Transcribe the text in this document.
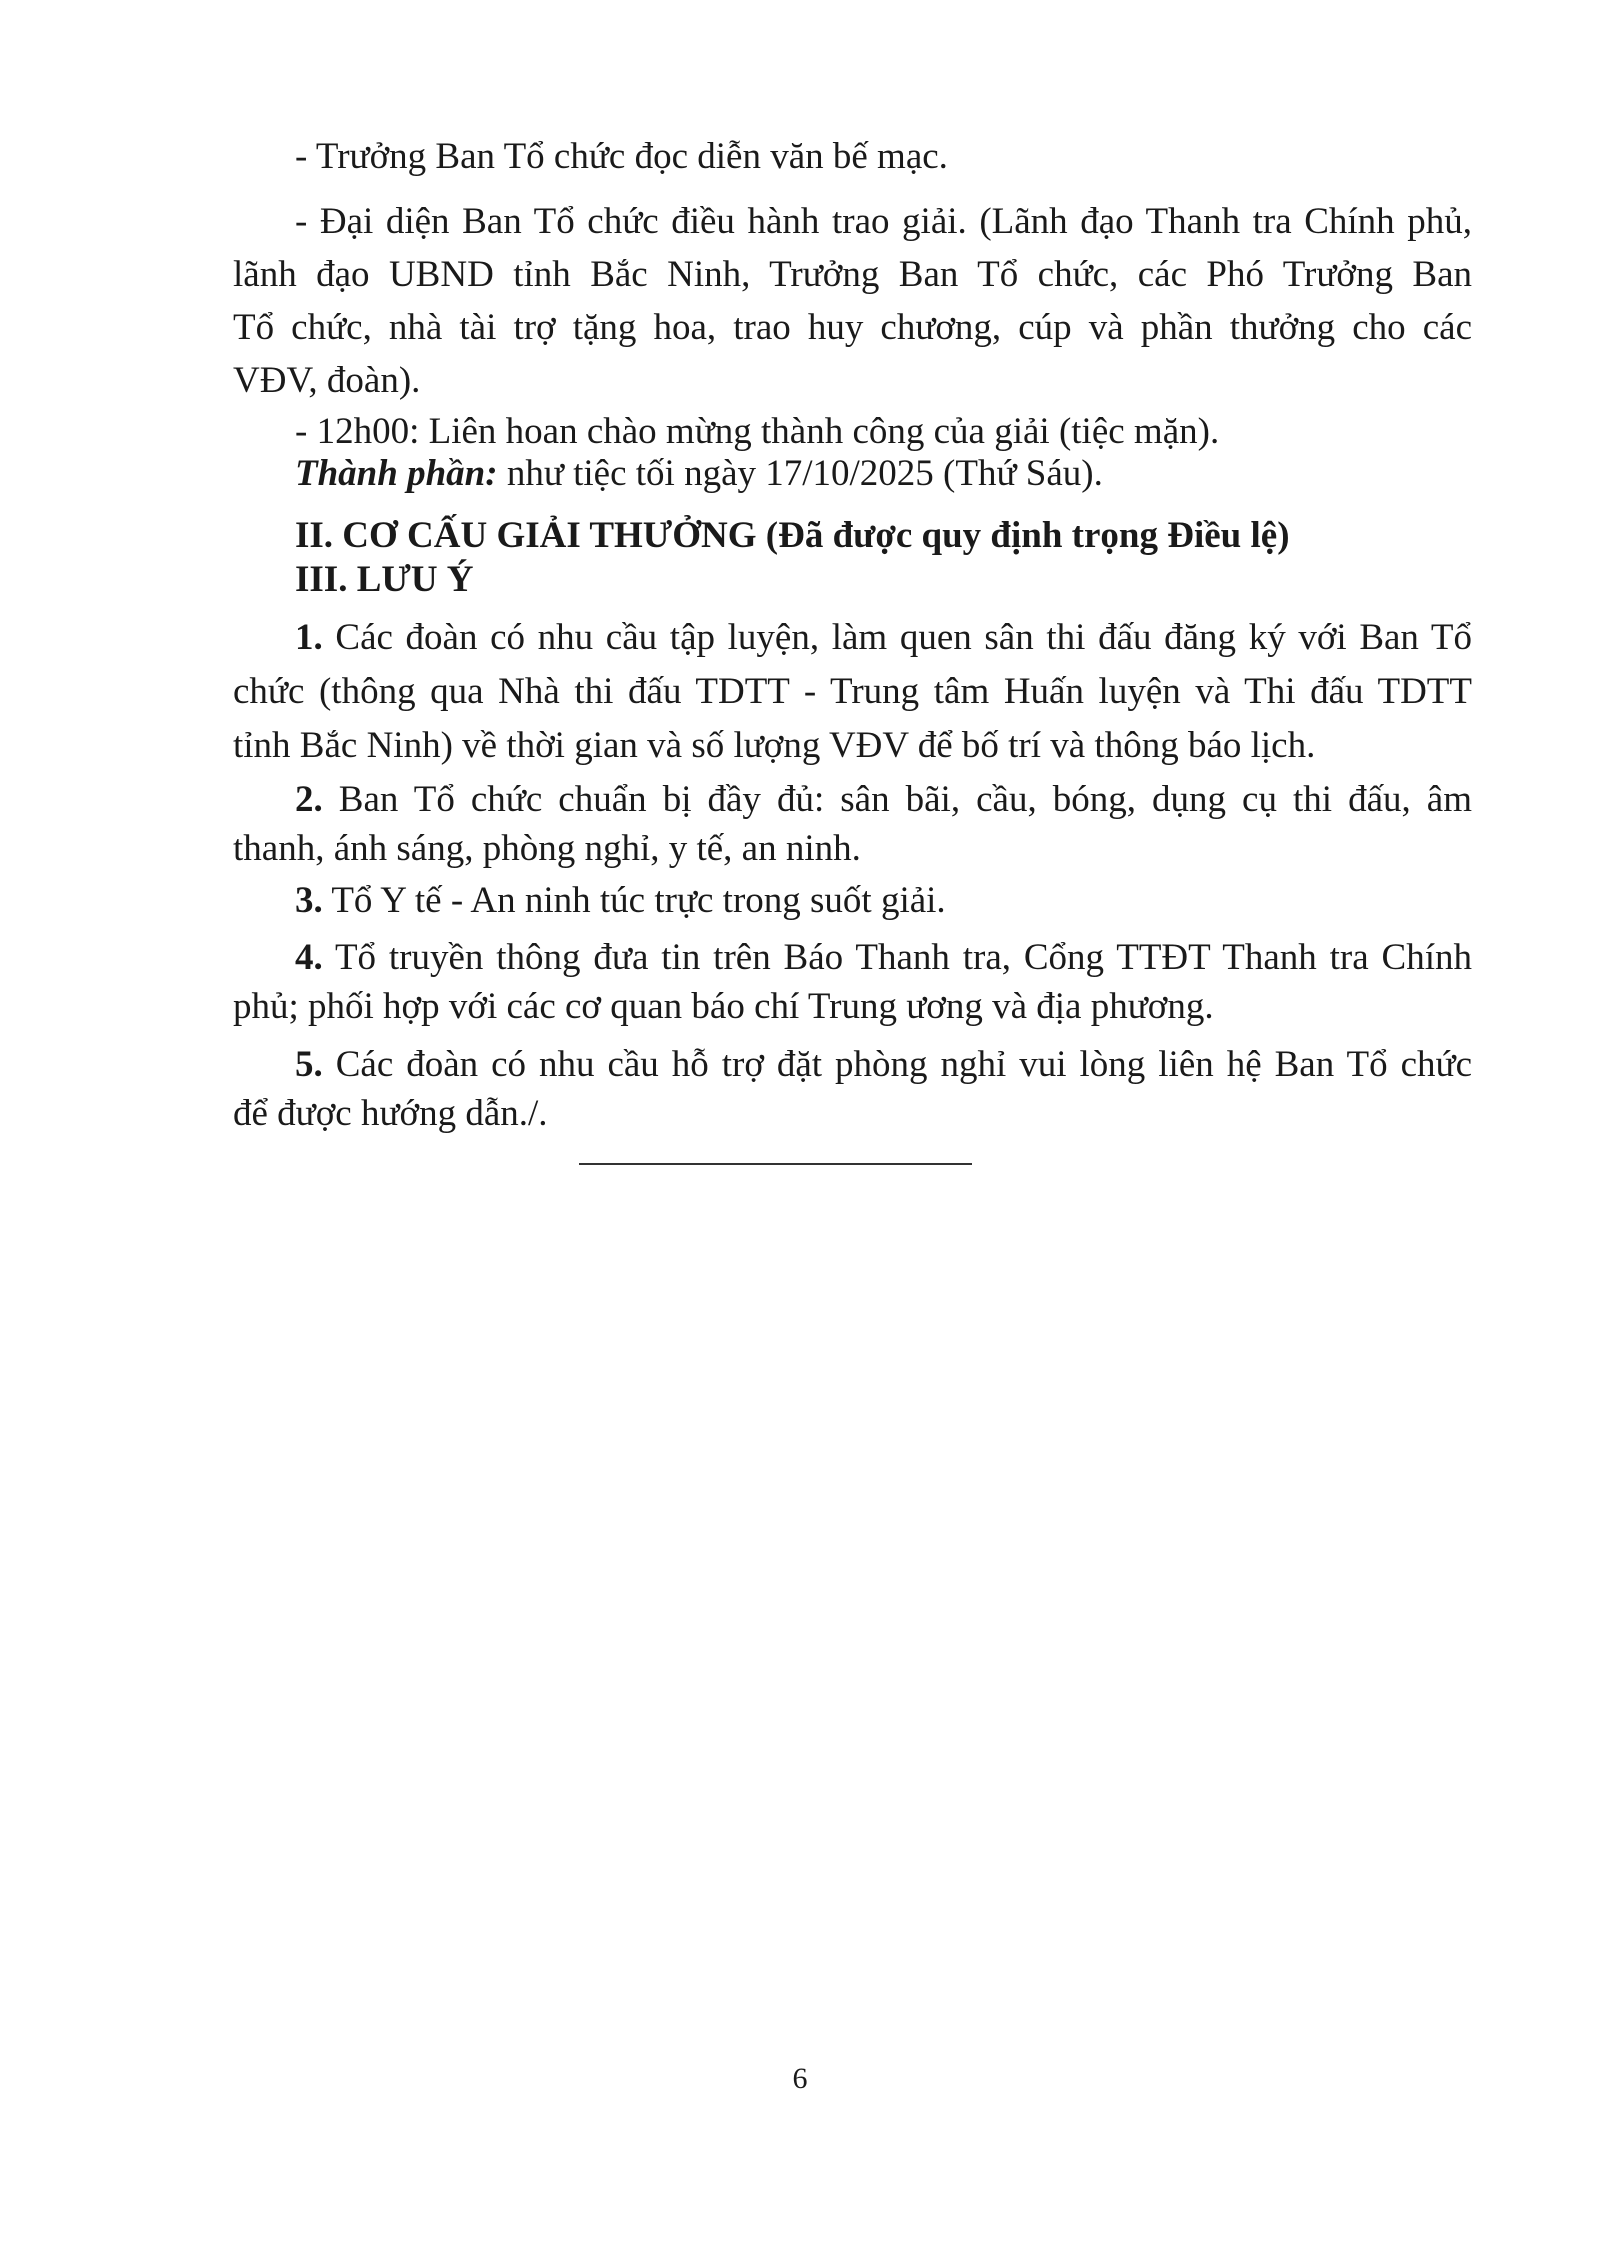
- Trưởng Ban Tổ chức đọc diễn văn bế mạc.
- Đại diện Ban Tổ chức điều hành trao giải. (Lãnh đạo Thanh tra Chính phủ,
lãnh đạo UBND tỉnh Bắc Ninh, Trưởng Ban Tổ chức, các Phó Trưởng Ban
Tổ chức, nhà tài trợ tặng hoa, trao huy chương, cúp và phần thưởng cho các
VĐV, đoàn).
- 12h00: Liên hoan chào mừng thành công của giải (tiệc mặn).
Thành phần: như tiệc tối ngày 17/10/2025 (Thứ Sáu).
II. CƠ CẤU GIẢI THƯỞNG (Đã được quy định trọng Điều lệ)
III. LƯU Ý
1. Các đoàn có nhu cầu tập luyện, làm quen sân thi đấu đăng ký với Ban Tổ
chức (thông qua Nhà thi đấu TDTT - Trung tâm Huấn luyện và Thi đấu TDTT
tỉnh Bắc Ninh) về thời gian và số lượng VĐV để bố trí và thông báo lịch.
2. Ban Tổ chức chuẩn bị đầy đủ: sân bãi, cầu, bóng, dụng cụ thi đấu, âm
thanh, ánh sáng, phòng nghỉ, y tế, an ninh.
3. Tổ Y tế - An ninh túc trực trong suốt giải.
4. Tổ truyền thông đưa tin trên Báo Thanh tra, Cổng TTĐT Thanh tra Chính
phủ; phối hợp với các cơ quan báo chí Trung ương và địa phương.
5. Các đoàn có nhu cầu hỗ trợ đặt phòng nghỉ vui lòng liên hệ Ban Tổ chức
để được hướng dẫn./.
6
